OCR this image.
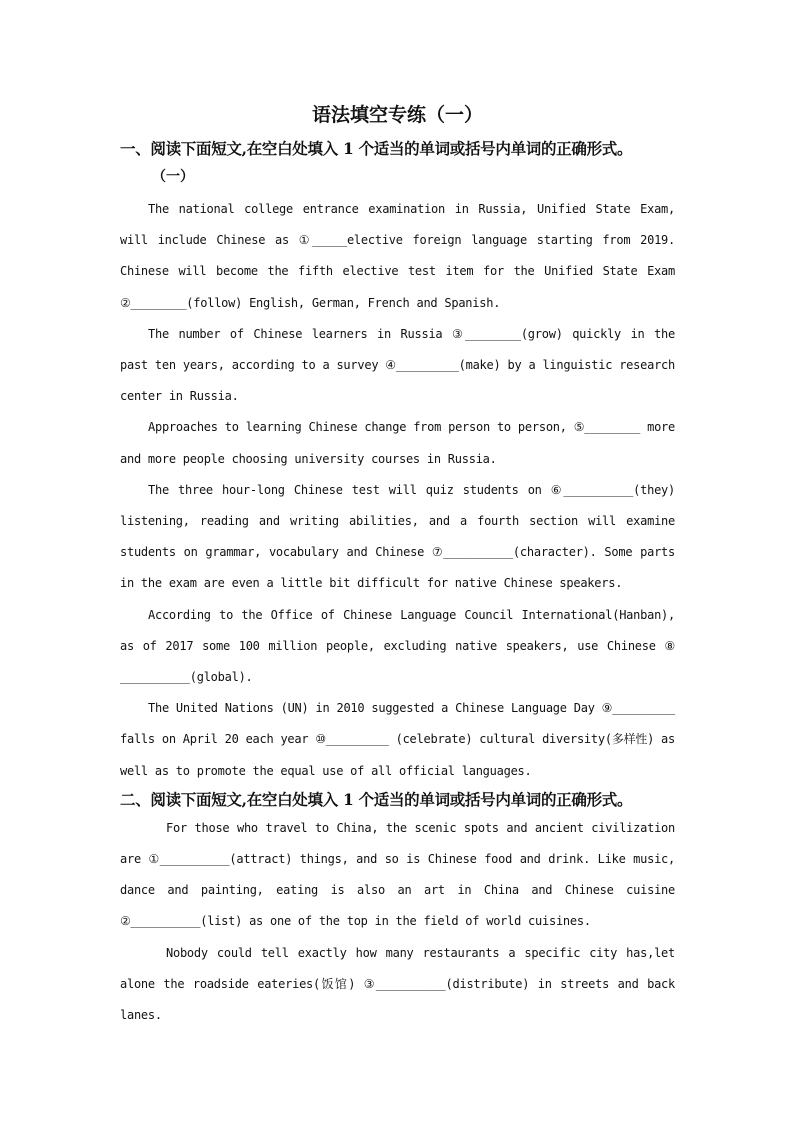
语法填空专练（一）
一、阅读下面短文,在空白处填入 1 个适当的单词或括号内单词的正确形式。
（一）

The national college entrance examination in Russia, Unified State Exam, will include Chinese as ①_____elective foreign language starting from 2019. Chinese will become the fifth elective test item for the Unified State Exam ②________(follow) English, German, French and Spanish.

The number of Chinese learners in Russia ③________(grow) quickly in the past ten years, according to a survey ④_________(make) by a linguistic research center in Russia.

Approaches to learning Chinese change from person to person, ⑤________ more and more people choosing university courses in Russia.

The three hour-long Chinese test will quiz students on ⑥__________(they) listening, reading and writing abilities, and a fourth section will examine students on grammar, vocabulary and Chinese ⑦__________(character). Some parts in the exam are even a little bit difficult for native Chinese speakers.

According to the Office of Chinese Language Council International(Hanban), as of 2017 some 100 million people, excluding native speakers, use Chinese ⑧ __________(global).

The United Nations (UN) in 2010 suggested a Chinese Language Day ⑨_________ falls on April 20 each year ⑩_________ (celebrate) cultural diversity(多样性) as well as to promote the equal use of all official languages.

二、阅读下面短文,在空白处填入 1 个适当的单词或括号内单词的正确形式。

For those who travel to China, the scenic spots and ancient civilization are ①__________(attract) things, and so is Chinese food and drink. Like music, dance and painting, eating is also an art in China and Chinese cuisine ②__________(list) as one of the top in the field of world cuisines.

Nobody could tell exactly how many restaurants a specific city has,let alone the roadside eateries(饭馆) ③__________(distribute) in streets and back lanes.
